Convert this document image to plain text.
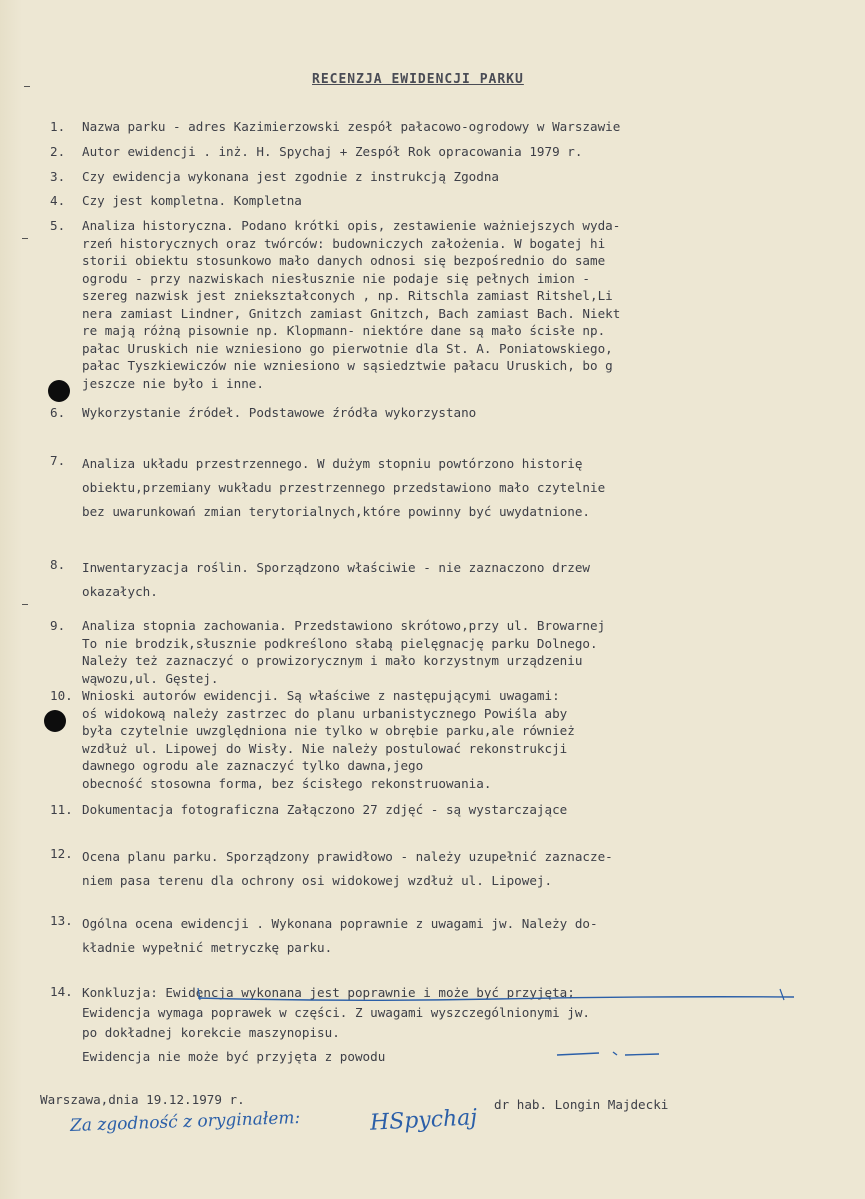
RECENZJA EWIDENCJI PARKU
1.	Nazwa parku - adres Kazimierzowski zespół pałacowo-ogrodowy w Warszawie
2.	Autor ewidencji . inż. H. Spychaj + Zespół Rok opracowania 1979 r.
3.	Czy ewidencja wykonana jest zgodnie z instrukcją Zgodna
4.	Czy jest kompletna. Kompletna
5.	Analiza historyczna. Podano krótki opis, zestawienie ważniejszych wyda-
rzeń historycznych oraz twórców: budowniczych założenia. W bogatej hi
storii obiektu stosunkowo mało danych odnosi się bezpośrednio do same
ogrodu - przy nazwiskach niesłusznie nie podaje się pełnych imion -
szereg nazwisk jest zniekształconych , np. Ritschla zamiast Ritshel,Li
nera zamiast Lindner, Gnitzch zamiast Gnitzch, Bach zamiast Bach. Niekt
re mają różną pisownie np. Klopmann- niektóre dane są mało ścisłe np.
pałac Uruskich nie wzniesiono go pierwotnie dla St. A. Poniatowskiego,
pałac Tyszkiewiczów nie wzniesiono w sąsiedztwie pałacu Uruskich, bo g
jeszcze nie było i inne.
6.	Wykorzystanie źródeł. Podstawowe źródła wykorzystano
7.	Analiza układu przestrzennego. W dużym stopniu powtórzono historię
obiektu,przemiany wukładu przestrzennego przedstawiono mało czytelnie
bez uwarunkowań zmian terytorialnych,które powinny być uwydatnione.
8.	Inwentaryzacja roślin. Sporządzono właściwie - nie zaznaczono drzew
okazałych.
9.	Analiza stopnia zachowania. Przedstawiono skrótowo,przy ul. Browarnej
To nie brodzik,słusznie podkreślono słabą pielęgnację parku Dolnego.
Należy też zaznaczyć o prowizorycznym i mało korzystnym urządzeniu
wąwozu,ul. Gęstej.
10. Wnioski autorów ewidencji. Są właściwe z następującymi uwagami:
oś widokową należy zastrzec do planu urbanistycznego Powiśla aby
była czytelnie uwzględniona nie tylko w obrębie parku,ale również
wzdłuż ul. Lipowej do Wisły. Nie należy postulować rekonstrukcji
dawnego ogrodu ale zaznaczyć tylko dawna,jego
obecność stosowna forma, bez ścisłego rekonstruowania.
11. Dokumentacja fotograficzna Załączono 27 zdjęć - są wystarczające
12. Ocena planu parku. Sporządzony prawidłowo - należy uzupełnić zaznacze-
niem pasa terenu dla ochrony osi widokowej wzdłuż ul. Lipowej.
13. Ogólna ocena ewidencji . Wykonana poprawnie z uwagami jw. Należy do-
kładnie wypełnić metryczkę parku.
14. Konkluzja: Ewidencja wykonana jest poprawnie i może być przyjęta;
Ewidencja wymaga poprawek w części. Z uwagami wyszczególnionymi jw.
po dokładnej korekcie maszynopisu.
Ewidencja nie może być przyjęta z powodu
Warszawa,dnia 19.12.1979 r.	dr hab. Longin Majdecki
Za zgodność z oryginałem:	HSpychaj
